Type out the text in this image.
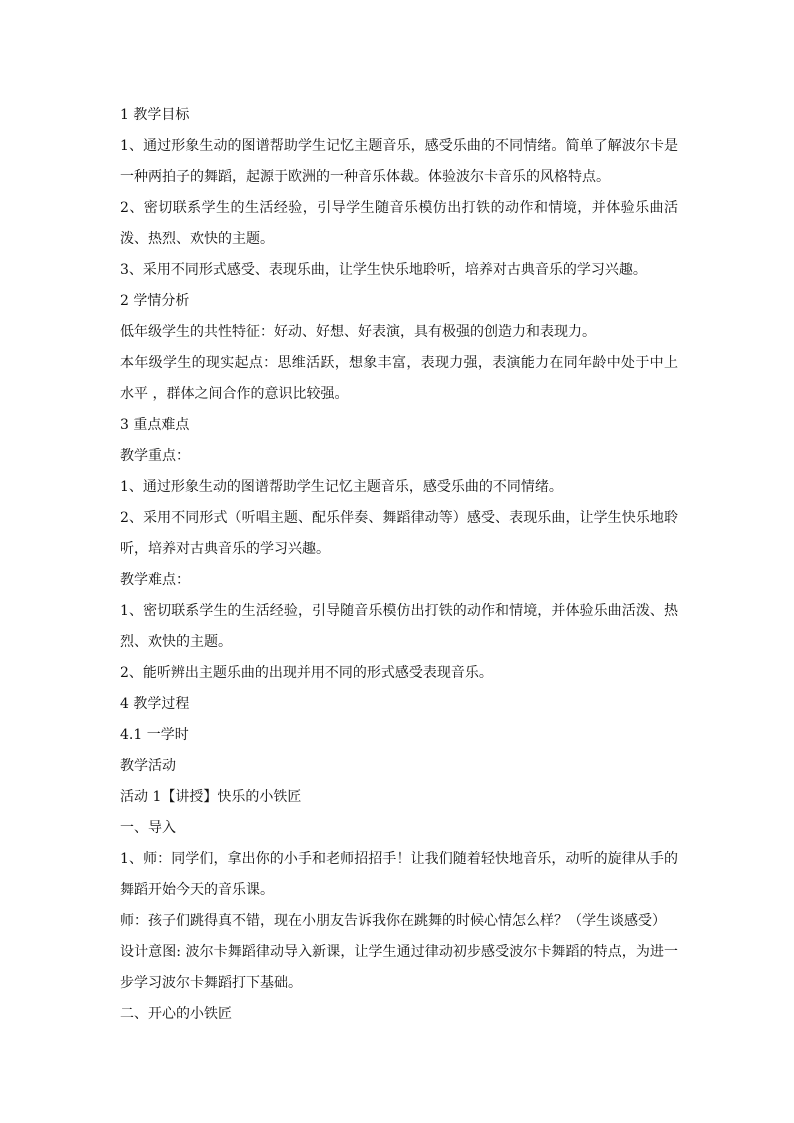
1 教学目标

1、通过形象生动的图谱帮助学生记忆主题音乐，感受乐曲的不同情绪。简单了解波尔卡是一种两拍子的舞蹈，起源于欧洲的一种音乐体裁。体验波尔卡音乐的风格特点。

2、密切联系学生的生活经验，引导学生随音乐模仿出打铁的动作和情境，并体验乐曲活泼、热烈、欢快的主题。

3、采用不同形式感受、表现乐曲，让学生快乐地聆听，培养对古典音乐的学习兴趣。

2 学情分析

低年级学生的共性特征：好动、好想、好表演，具有极强的创造力和表现力。

本年级学生的现实起点：思维活跃，想象丰富，表现力强，表演能力在同年龄中处于中上水平 ，群体之间合作的意识比较强。

3 重点难点

教学重点：

1、通过形象生动的图谱帮助学生记忆主题音乐，感受乐曲的不同情绪。

2、采用不同形式（听唱主题、配乐伴奏、舞蹈律动等）感受、表现乐曲，让学生快乐地聆听，培养对古典音乐的学习兴趣。

教学难点：

1、密切联系学生的生活经验，引导随音乐模仿出打铁的动作和情境，并体验乐曲活泼、热烈、欢快的主题。

2、能听辨出主题乐曲的出现并用不同的形式感受表现音乐。

4 教学过程

4.1 一学时

教学活动

活动 1【讲授】快乐的小铁匠

一、导入

1、师：同学们，拿出你的小手和老师招招手！让我们随着轻快地音乐，动听的旋律从手的舞蹈开始今天的音乐课。

师：孩子们跳得真不错，现在小朋友告诉我你在跳舞的时候心情怎么样？（学生谈感受）

设计意图: 波尔卡舞蹈律动导入新课，让学生通过律动初步感受波尔卡舞蹈的特点，为进一步学习波尔卡舞蹈打下基础。

二、开心的小铁匠
